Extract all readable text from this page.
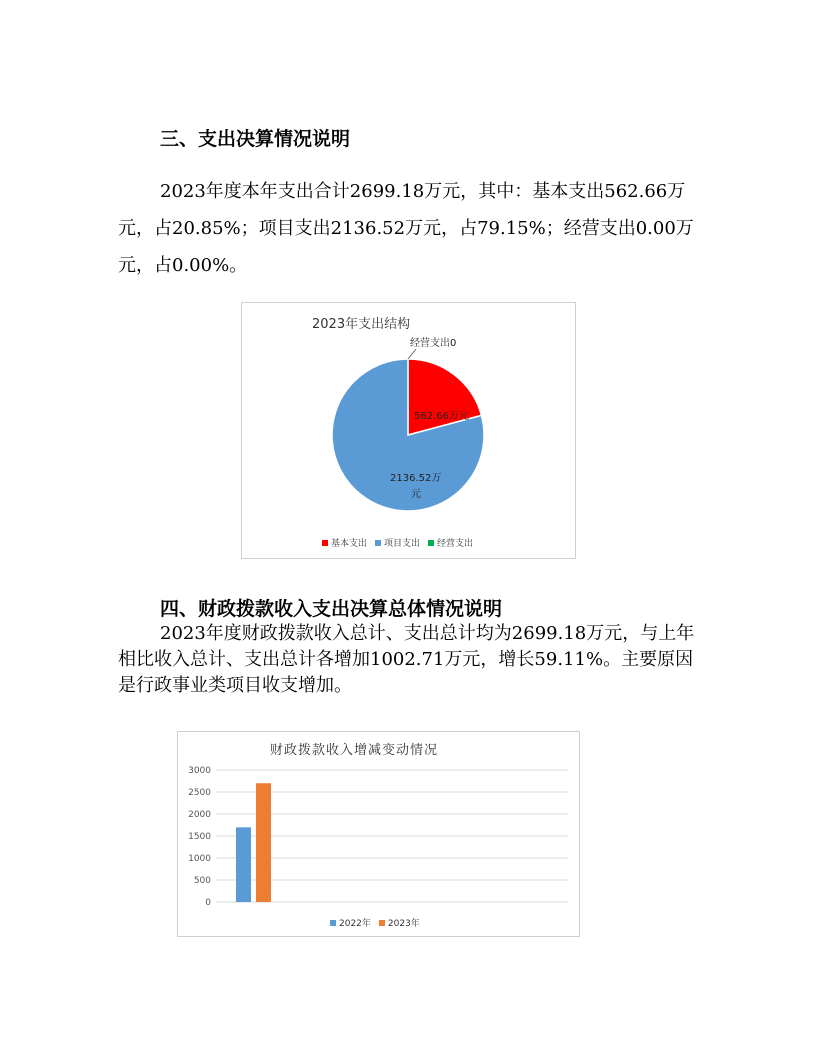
三、支出决算情况说明

2023年度本年支出合计2699.18万元，其中：基本支出562.66万元，占20.85%；项目支出2136.52万元，占79.15%；经营支出0.00万元，占0.00%。

2023年支出结构
562.66万元
2136.52万
元
经营支出0
基本支出 项目支出 经营支出
四、财政拨款收入支出决算总体情况说明

2023年度财政拨款收入总计、支出总计均为2699.18万元，与上年相比收入总计、支出总计各增加1002.71万元，增长59.11%。主要原因是行政事业类项目收支增加。

财政拨款收入增减变动情况
0
500
1000
1500
2000
2500
3000
2022年 2023年
